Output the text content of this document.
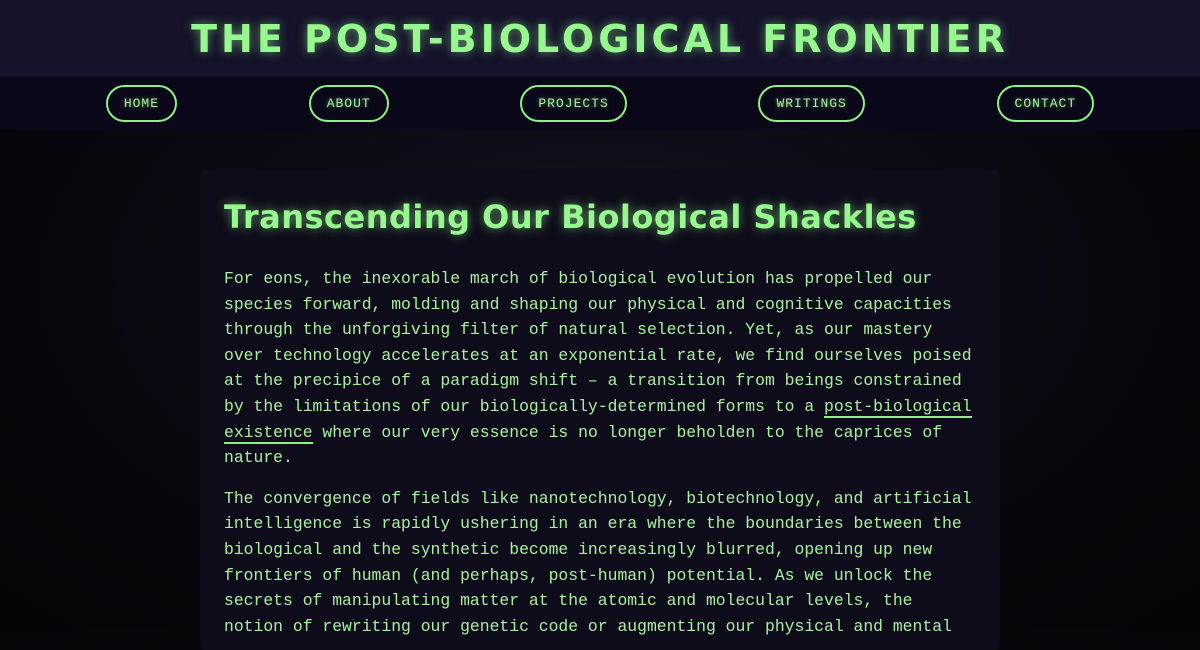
THE POST-BIOLOGICAL FRONTIER
HOME	ABOUT	PROJECTS	WRITINGS	CONTACT
Transcending Our Biological Shackles

For eons, the inexorable march of biological evolution has propelled our species forward, molding and shaping our physical and cognitive capacities through the unforgiving filter of natural selection. Yet, as our mastery over technology accelerates at an exponential rate, we find ourselves poised at the precipice of a paradigm shift – a transition from beings constrained by the limitations of our biologically-determined forms to a post-biological existence where our very essence is no longer beholden to the caprices of nature.

The convergence of fields like nanotechnology, biotechnology, and artificial intelligence is rapidly ushering in an era where the boundaries between the biological and the synthetic become increasingly blurred, opening up new frontiers of human (and perhaps, post-human) potential. As we unlock the secrets of manipulating matter at the atomic and molecular levels, the notion of rewriting our genetic code or augmenting our physical and mental
